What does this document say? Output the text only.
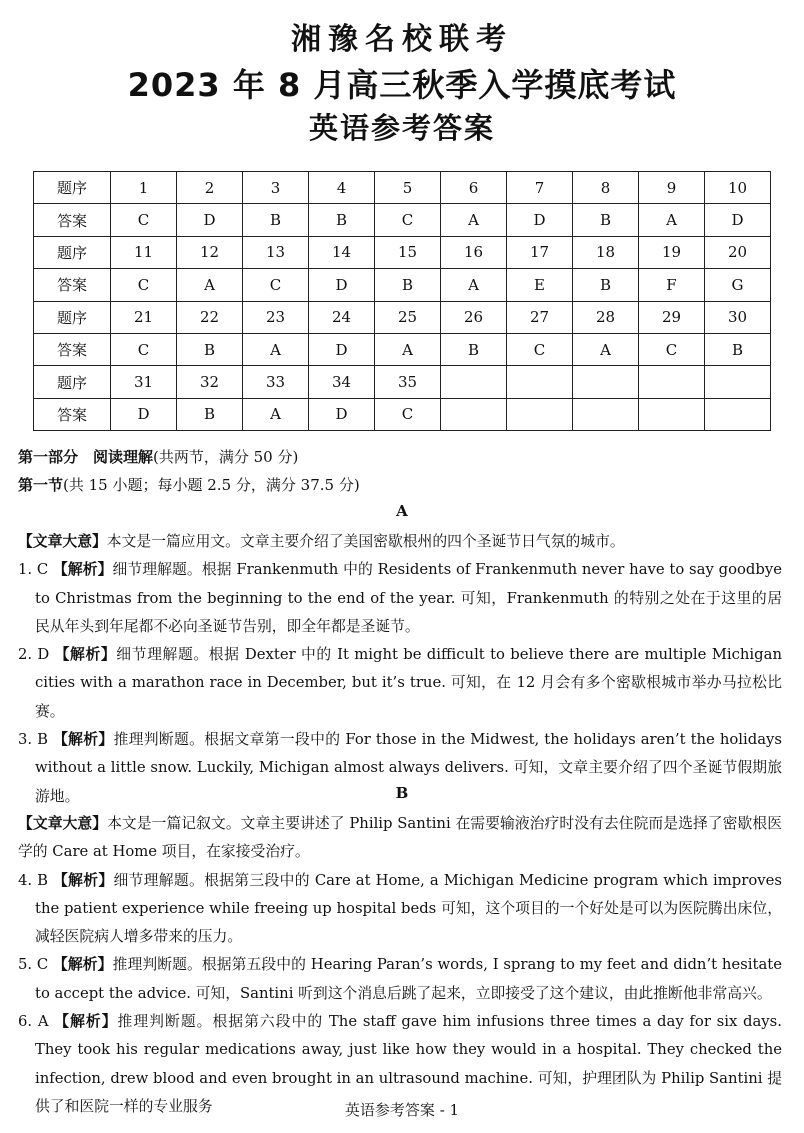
湘豫名校联考
2023 年 8 月高三秋季入学摸底考试
英语参考答案
题序	1	2	3	4	5	6	7	8	9	10
答案	C	D	B	B	C	A	D	B	A	D
题序	11	12	13	14	15	16	17	18	19	20
答案	C	A	C	D	B	A	E	B	F	G
题序	21	22	23	24	25	26	27	28	29	30
答案	C	B	A	D	A	B	C	A	C	B
题序	31	32	33	34	35					
答案	D	B	A	D	C					
第一部分　阅读理解(共两节，满分 50 分)
第一节(共 15 小题；每小题 2.5 分，满分 37.5 分)
A
【文章大意】本文是一篇应用文。文章主要介绍了美国密歇根州的四个圣诞节日气氛的城市。
1. C 【解析】细节理解题。根据 Frankenmuth 中的 Residents of Frankenmuth never have to say goodbye to Christmas from the beginning to the end of the year. 可知，Frankenmuth 的特别之处在于这里的居民从年头到年尾都不必向圣诞节告别，即全年都是圣诞节。
2. D 【解析】细节理解题。根据 Dexter 中的 It might be difficult to believe there are multiple Michigan cities with a marathon race in December, but it’s true. 可知，在 12 月会有多个密歇根城市举办马拉松比赛。
3. B 【解析】推理判断题。根据文章第一段中的 For those in the Midwest, the holidays aren’t the holidays without a little snow. Luckily, Michigan almost always delivers. 可知，文章主要介绍了四个圣诞节假期旅游地。	B
【文章大意】本文是一篇记叙文。文章主要讲述了 Philip Santini 在需要输液治疗时没有去住院而是选择了密歇根医学的 Care at Home 项目，在家接受治疗。
4. B 【解析】细节理解题。根据第三段中的 Care at Home, a Michigan Medicine program which improves the patient experience while freeing up hospital beds 可知，这个项目的一个好处是可以为医院腾出床位，减轻医院病人增多带来的压力。
5. C 【解析】推理判断题。根据第五段中的 Hearing Paran’s words, I sprang to my feet and didn’t hesitate to accept the advice. 可知，Santini 听到这个消息后跳了起来，立即接受了这个建议，由此推断他非常高兴。
6. A 【解析】推理判断题。根据第六段中的 The staff gave him infusions three times a day for six days. They took his regular medications away, just like how they would in a hospital. They checked the infection, drew blood and even brought in an ultrasound machine. 可知，护理团队为 Philip Santini 提供了和医院一样的专业服务	英语参考答案 - 1
